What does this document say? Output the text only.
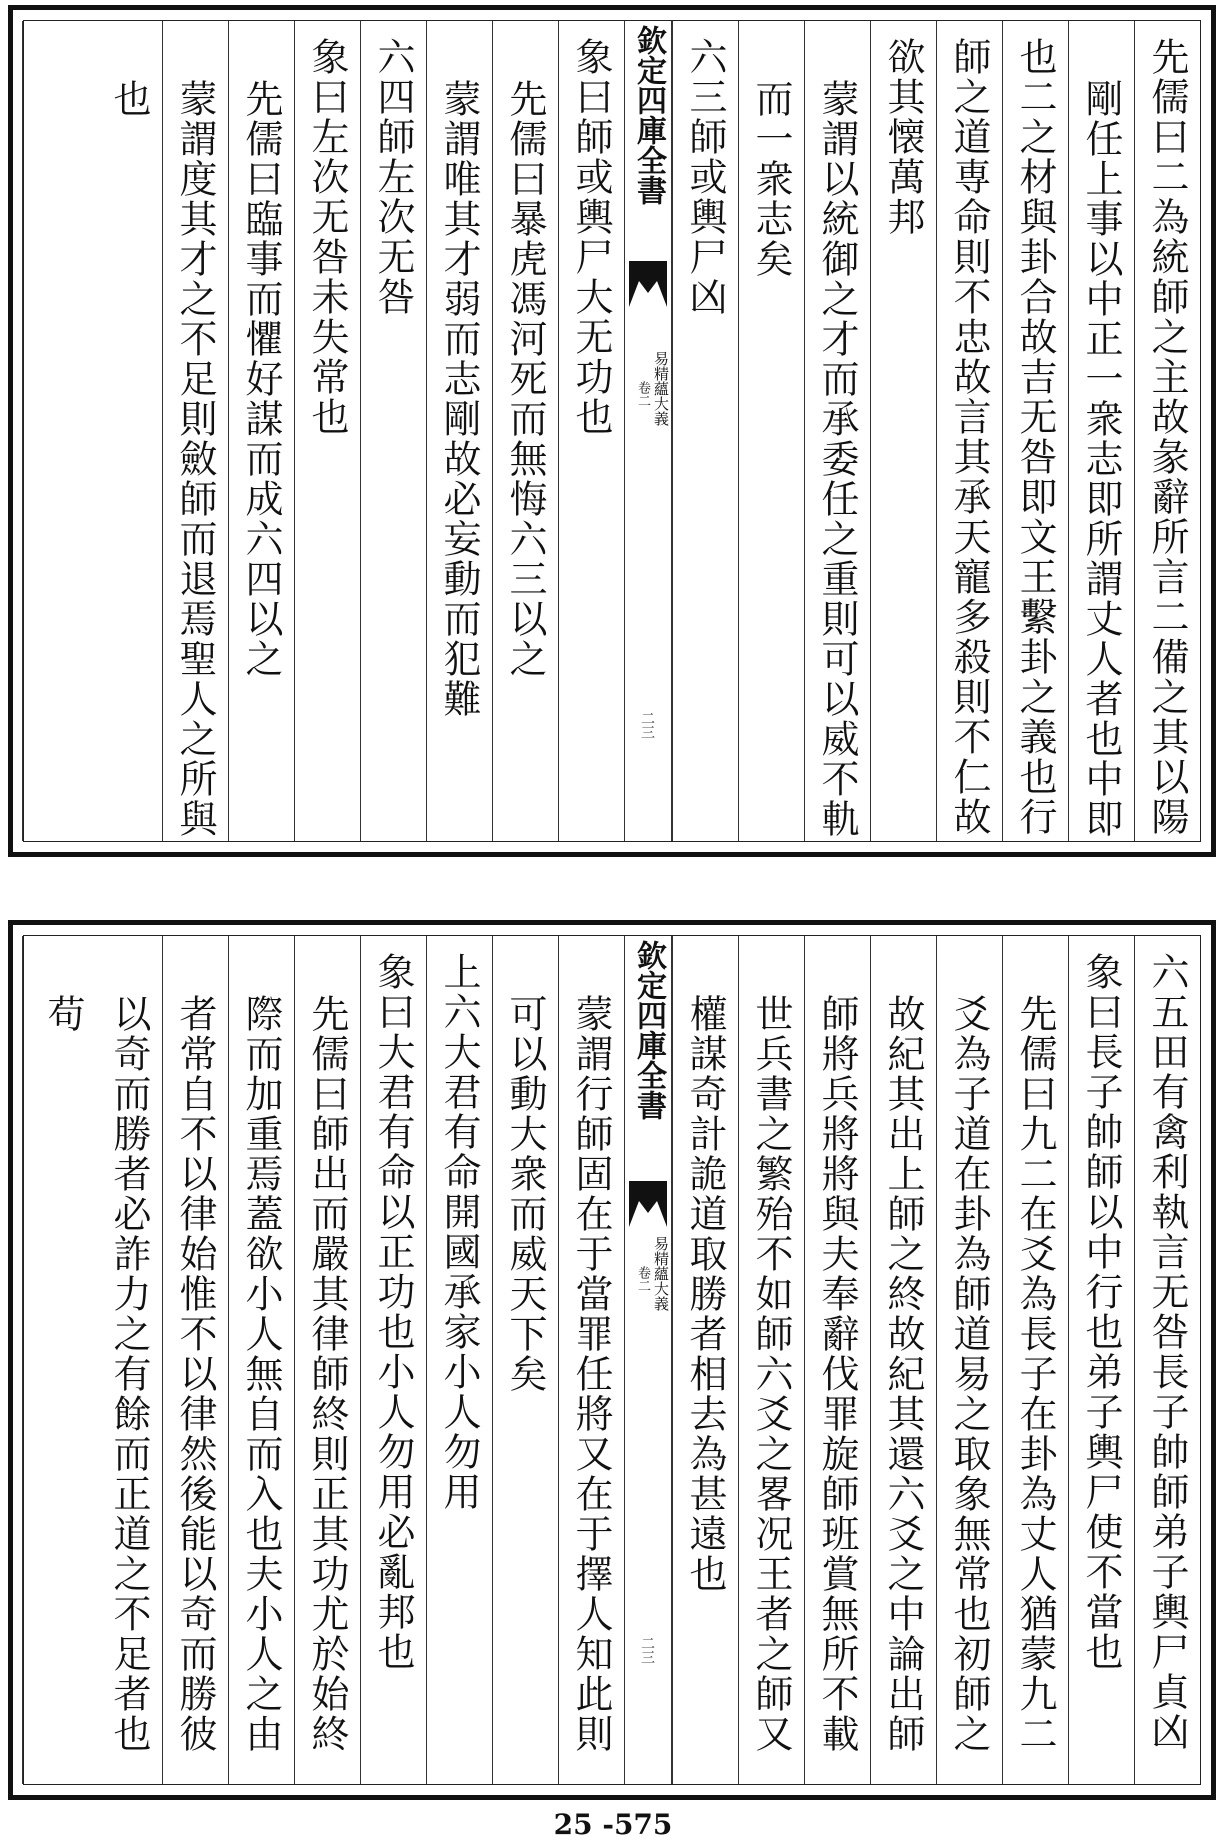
先儒曰二為統師之主故彖辭所言二備之其以陽
剛任上事以中正一衆志即所謂丈人者也中即
也二之材與卦合故吉无咎即文王繫卦之義也行
師之道専命則不忠故言其承天寵多殺則不仁故
欲其懐萬邦
蒙謂以統御之才而承委任之重則可以威不軌
而一衆志矣
六三師或輿尸凶
欽定四庫全書
卷二 易精蘊大義
二三
象曰師或輿尸大无功也
先儒曰暴虎馮河死而無悔六三以之
蒙謂唯其才弱而志剛故必妄動而犯難
六四師左次无咎
象曰左次无咎未失常也
先儒曰臨事而懼好謀而成六四以之
蒙謂度其才之不足則斂師而退焉聖人之所與
也
六五田有禽利執言无咎長子帥師弟子輿尸貞凶
象曰長子帥師以中行也弟子輿尸使不當也
先儒曰九二在爻為長子在卦為丈人猶蒙九二
爻為子道在卦為師道易之取象無常也初師之
故紀其出上師之終故紀其還六爻之中論出師
師將兵將將與夫奉辭伐罪旋師班賞無所不載
世兵書之繁殆不如師六爻之畧况王者之師又
權謀奇計詭道取勝者相去為甚遠也
欽定四庫全書
卷二 易精蘊大義
二三
蒙謂行師固在于當罪任將又在于擇人知此則
可以動大衆而威天下矣
上六大君有命開國承家小人勿用
象曰大君有命以正功也小人勿用必亂邦也
先儒曰師出而嚴其律師終則正其功尤於始終
際而加重焉蓋欲小人無自而入也夫小人之由
者常自不以律始惟不以律然後能以奇而勝彼
以奇而勝者必詐力之有餘而正道之不足者也苟
25 -575
